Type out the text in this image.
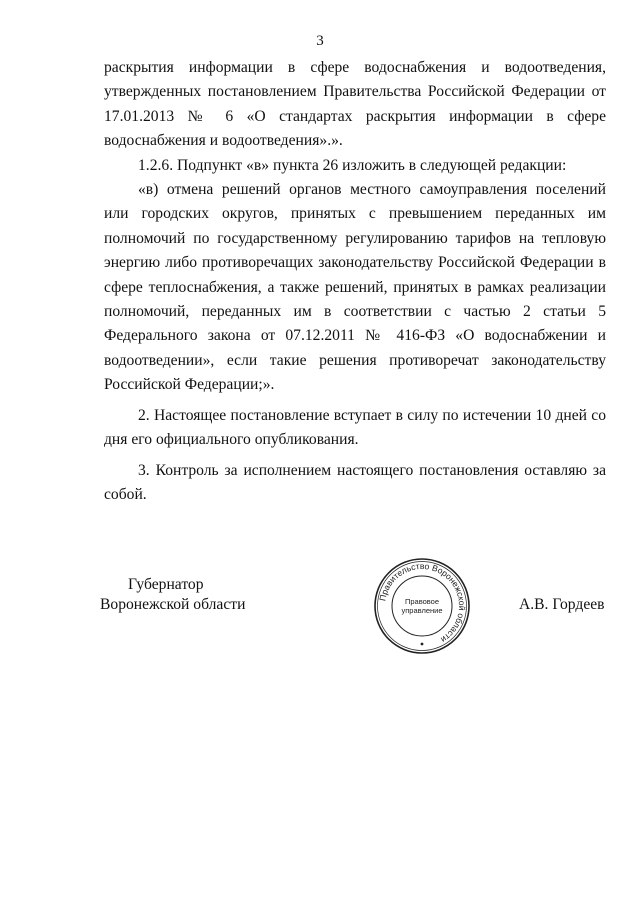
3

раскрытия информации в сфере водоснабжения и водоотведения, утвержденных постановлением Правительства Российской Федерации от 17.01.2013 № 6 «О стандартах раскрытия информации в сфере водоснабжения и водоотведения».».

1.2.6. Подпункт «в» пункта 26 изложить в следующей редакции:

«в) отмена решений органов местного самоуправления поселений или городских округов, принятых с превышением переданных им полномочий по государственному регулированию тарифов на тепловую энергию либо противоречащих законодательству Российской Федерации в сфере теплоснабжения, а также решений, принятых в рамках реализации полномочий, переданных им в соответствии с частью 2 статьи 5 Федерального закона от 07.12.2011 № 416-ФЗ «О водоснабжении и водоотведении», если такие решения противоречат законодательству Российской Федерации;».

2. Настоящее постановление вступает в силу по истечении 10 дней со дня его официального опубликования.

3. Контроль за исполнением настоящего постановления оставляю за собой.

Губернатор
Воронежской области	Правительство Воронежской области
Правовое
управление	А.В. Гордеев
